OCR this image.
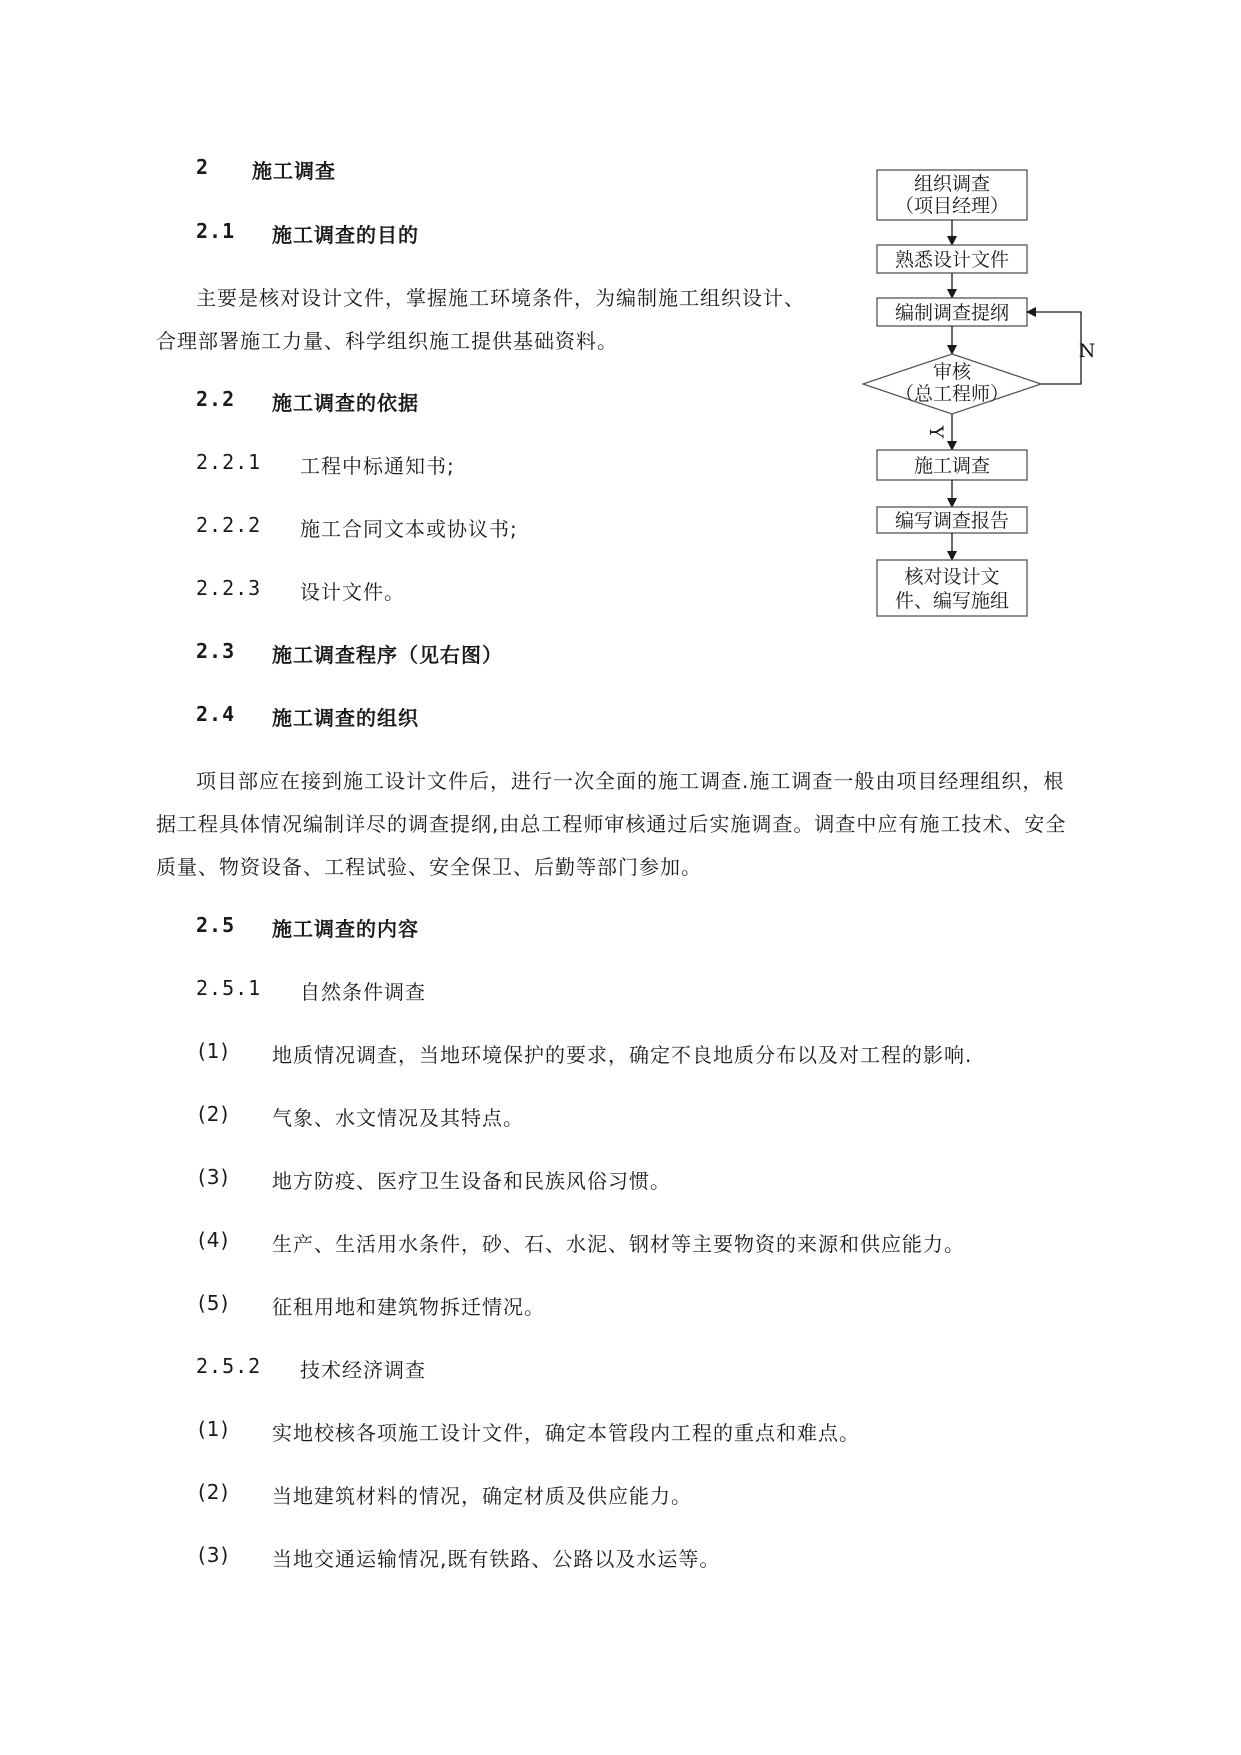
2 施工调查
2.1 施工调查的目的
主要是核对设计文件，掌握施工环境条件，为编制施工组织设计、
合理部署施工力量、科学组织施工提供基础资料。
2.2 施工调查的依据
2.2.1 工程中标通知书;
2.2.2 施工合同文本或协议书;
2.2.3 设计文件。
2.3 施工调查程序（见右图）
2.4 施工调查的组织
项目部应在接到施工设计文件后，进行一次全面的施工调查.施工调查一般由项目经理组织，根
据工程具体情况编制详尽的调查提纲,由总工程师审核通过后实施调查。调查中应有施工技术、安全
质量、物资设备、工程试验、安全保卫、后勤等部门参加。
2.5 施工调查的内容
2.5.1 自然条件调查
(1) 地质情况调查，当地环境保护的要求，确定不良地质分布以及对工程的影响.
(2) 气象、水文情况及其特点。
(3) 地方防疫、医疗卫生设备和民族风俗习惯。
(4) 生产、生活用水条件，砂、石、水泥、钢材等主要物资的来源和供应能力。
(5) 征租用地和建筑物拆迁情况。
2.5.2 技术经济调查
(1) 实地校核各项施工设计文件，确定本管段内工程的重点和难点。
(2) 当地建筑材料的情况，确定材质及供应能力。
(3) 当地交通运输情况,既有铁路、公路以及水运等。
组织调查
（项目经理）
熟悉设计文件
编制调查提纲
审核
（总工程师）
N
Y
施工调查
编写调查报告
核对设计文
件、编写施组
